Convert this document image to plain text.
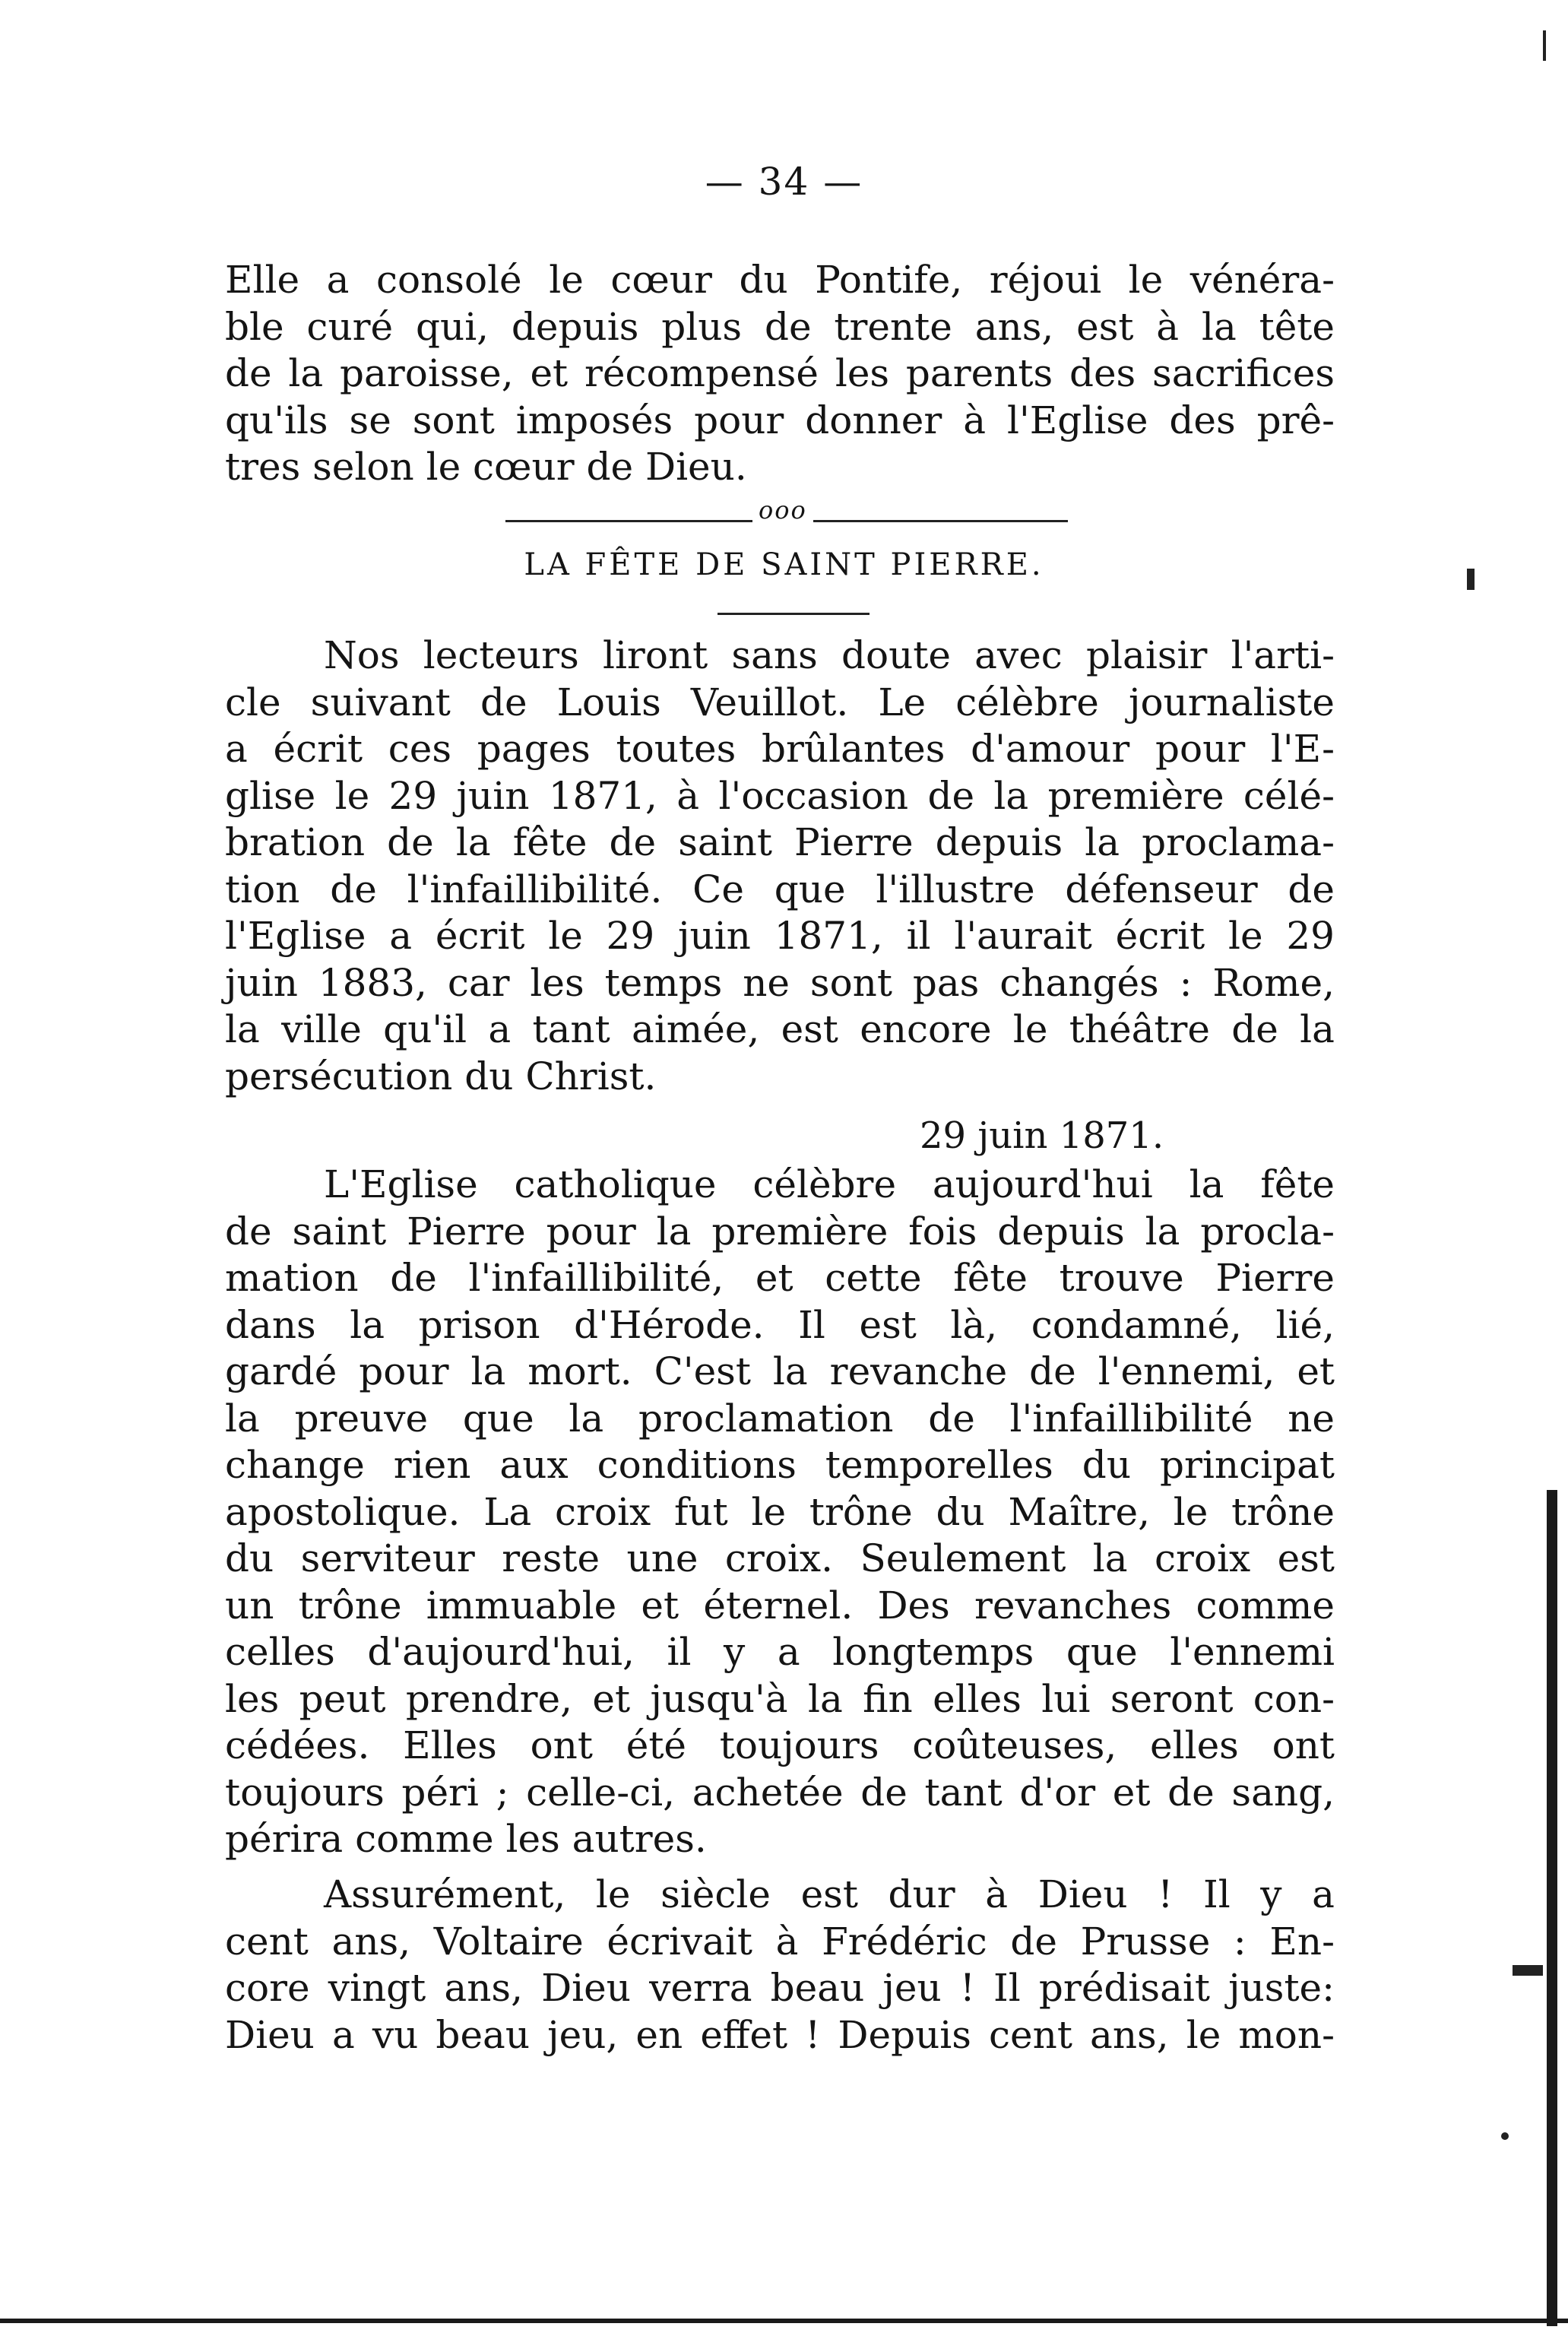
— 34 —
Elle a consolé le cœur du Pontife, réjoui le vénéra-
ble curé qui, depuis plus de trente ans, est à la tête
de la paroisse, et récompensé les parents des sacrifices
qu'ils se sont imposés pour donner à l'Eglise des prê-
tres selon le cœur de Dieu.
ooo
LA FÊTE DE SAINT PIERRE.
Nos lecteurs liront sans doute avec plaisir l'arti-
cle suivant de Louis Veuillot. Le célèbre journaliste
a écrit ces pages toutes brûlantes d'amour pour l'E-
glise le 29 juin 1871, à l'occasion de la première célé-
bration de la fête de saint Pierre depuis la proclama-
tion de l'infaillibilité. Ce que l'illustre défenseur de
l'Eglise a écrit le 29 juin 1871, il l'aurait écrit le 29
juin 1883, car les temps ne sont pas changés : Rome,
la ville qu'il a tant aimée, est encore le théâtre de la
persécution du Christ.
29 juin 1871.
L'Eglise catholique célèbre aujourd'hui la fête
de saint Pierre pour la première fois depuis la procla-
mation de l'infaillibilité, et cette fête trouve Pierre
dans la prison d'Hérode. Il est là, condamné, lié,
gardé pour la mort. C'est la revanche de l'ennemi, et
la preuve que la proclamation de l'infaillibilité ne
change rien aux conditions temporelles du principat
apostolique. La croix fut le trône du Maître, le trône
du serviteur reste une croix. Seulement la croix est
un trône immuable et éternel. Des revanches comme
celles d'aujourd'hui, il y a longtemps que l'ennemi
les peut prendre, et jusqu'à la fin elles lui seront con-
cédées. Elles ont été toujours coûteuses, elles ont
toujours péri ; celle-ci, achetée de tant d'or et de sang,
périra comme les autres.
Assurément, le siècle est dur à Dieu ! Il y a
cent ans, Voltaire écrivait à Frédéric de Prusse : En-
core vingt ans, Dieu verra beau jeu ! Il prédisait juste:
Dieu a vu beau jeu, en effet ! Depuis cent ans, le mon-
